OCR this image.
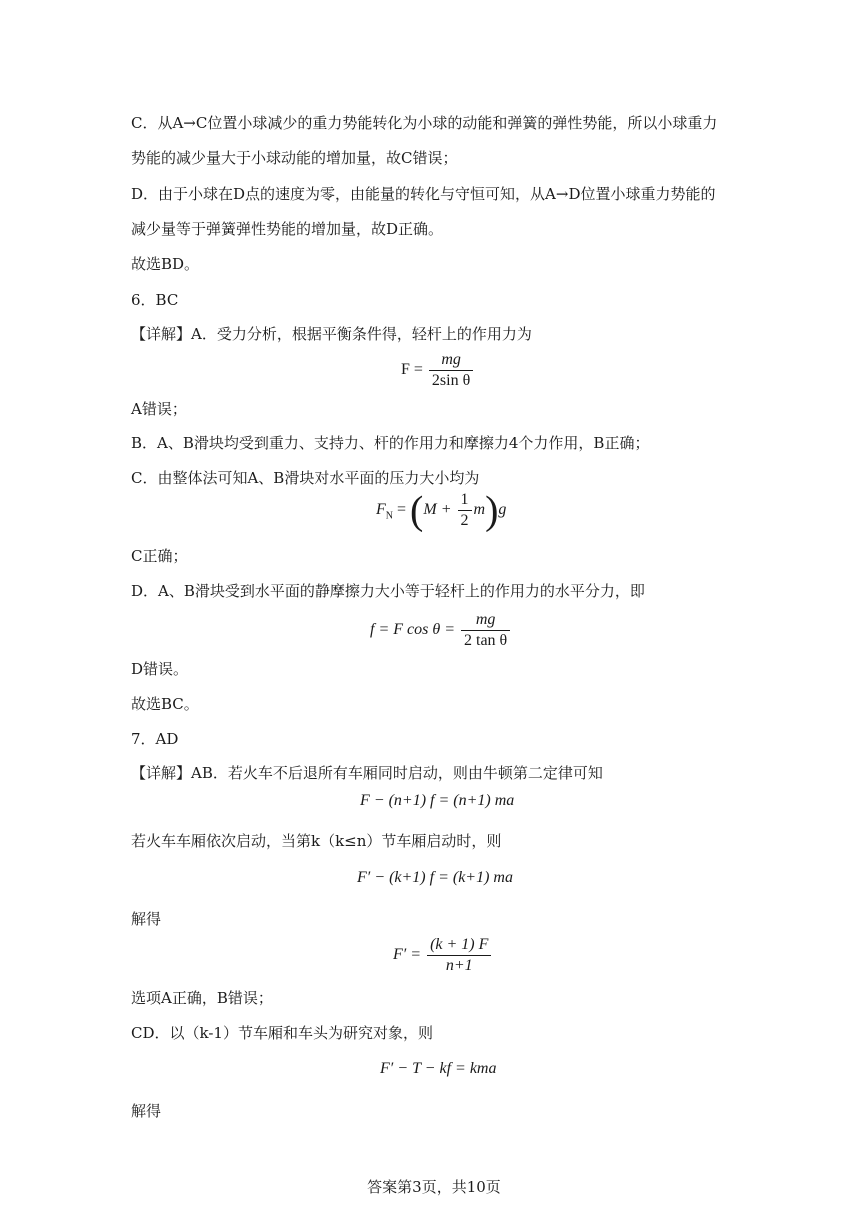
C．从A→C位置小球减少的重力势能转化为小球的动能和弹簧的弹性势能，所以小球重力
势能的减少量大于小球动能的增加量，故C错误；
D．由于小球在D点的速度为零，由能量的转化与守恒可知，从A→D位置小球重力势能的
减少量等于弹簧弹性势能的增加量，故D正确。
故选BD。
6．BC
【详解】A．受力分析，根据平衡条件得，轻杆上的作用力为
$F = \frac{mg}{\text{2sin θ}}$
A错误；
B．A、B滑块均受到重力、支持力、杆的作用力和摩擦力4个力作用，B正确；
C．由整体法可知A、B滑块对水平面的压力大小均为
$F_N = (M + \frac{1}{2} m)g$
C正确；
D．A、B滑块受到水平面的静摩擦力大小等于轻杆上的作用力的水平分力，即
f = F $\cos \theta = \frac{mg}{\text{2 tan θ}}$
D错误。
故选BC。
7．AD
【详解】AB．若火车不后退所有车厢同时启动，则由牛顿第二定律可知
F − (n+1) f = (n+1) ma
若火车车厢依次启动，当第k（k≤n）节车厢启动时，则
F′ − (k+1) f = (k+1) ma
解得
$F' = \frac{(k + 1) F}{n+1}$
选项A正确，B错误；
CD．以（k-1）节车厢和车头为研究对象，则
F′ − T − kf = kma
解得
答案第3页，共10页
